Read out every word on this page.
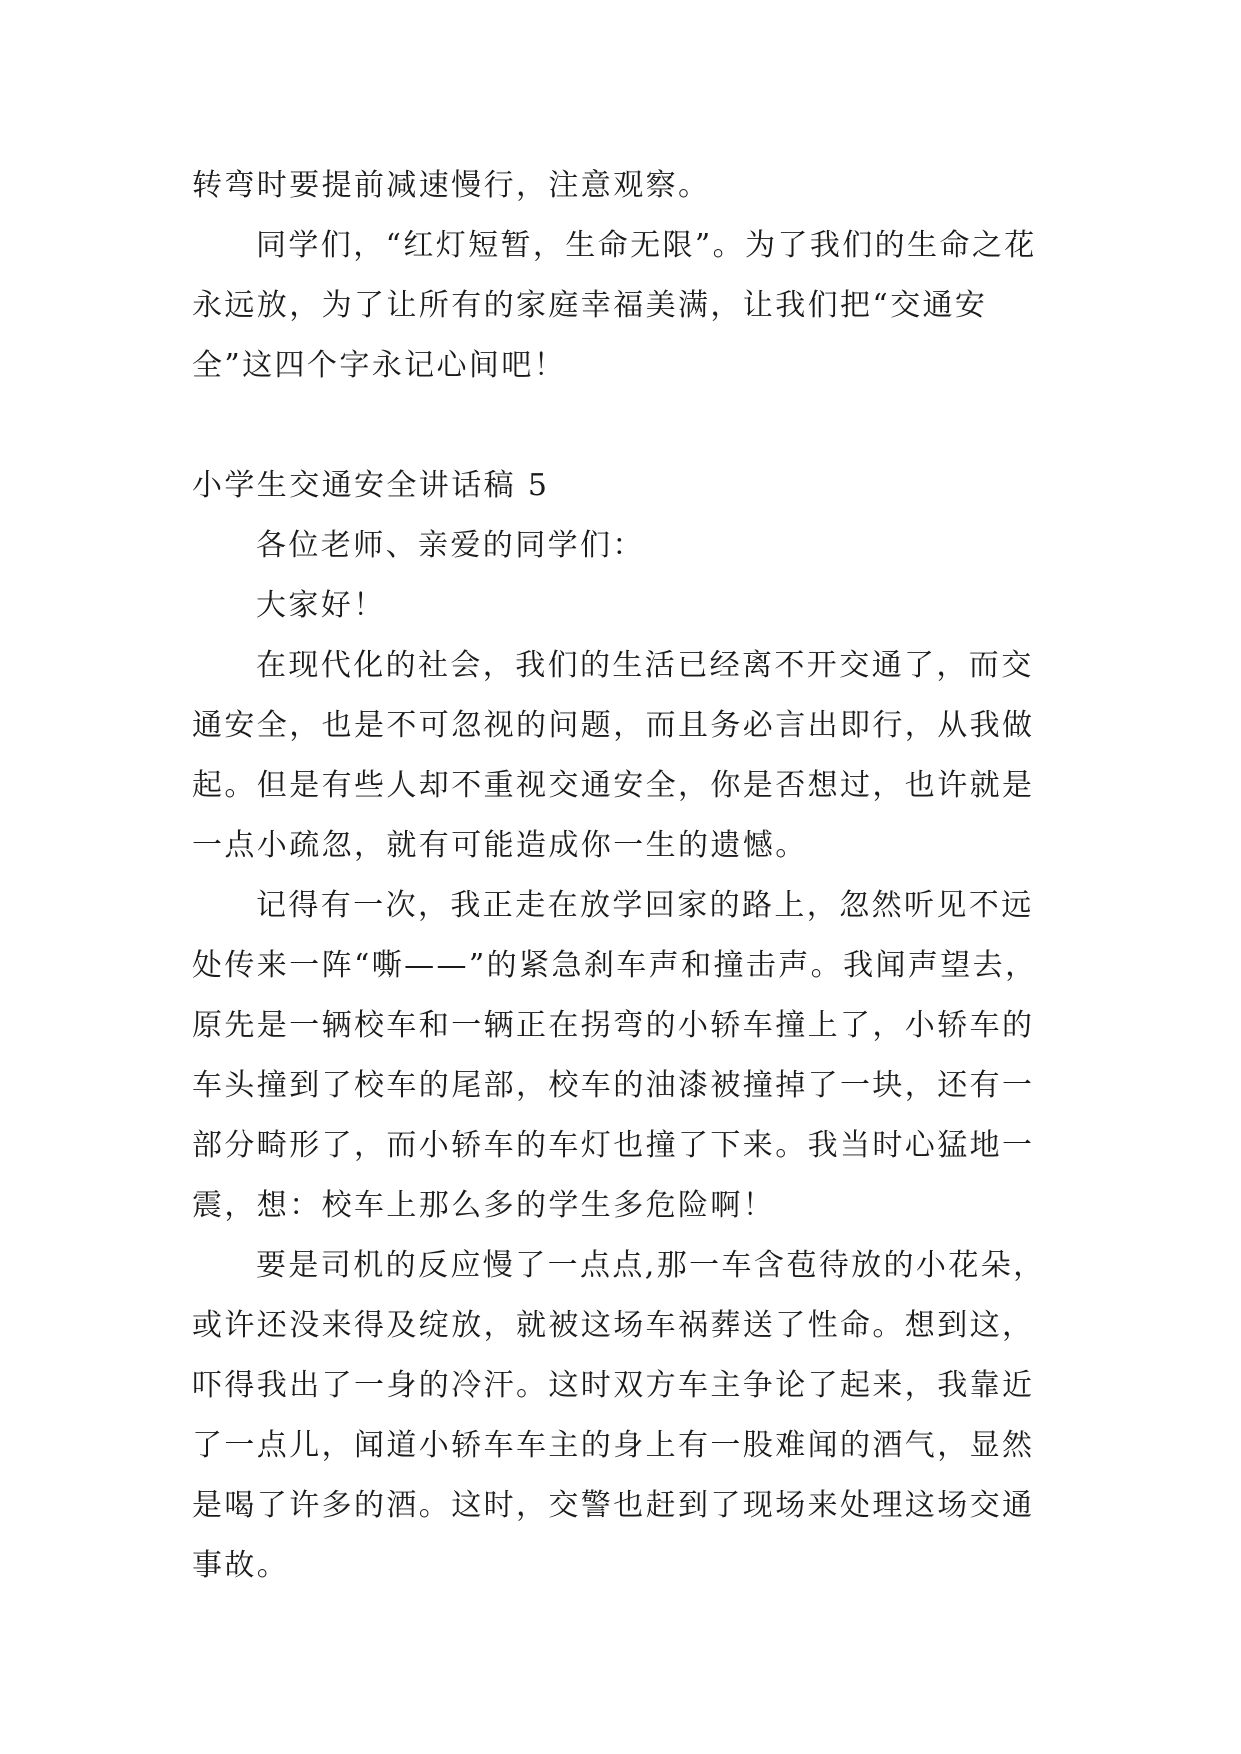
转弯时要提前减速慢行，注意观察。

同学们，“红灯短暂，生命无限”。为了我们的生命之花永远放，为了让所有的家庭幸福美满，让我们把“交通安全”这四个字永记心间吧！

小学生交通安全讲话稿 5

各位老师、亲爱的同学们：

大家好！

在现代化的社会，我们的生活已经离不开交通了，而交通安全，也是不可忽视的问题，而且务必言出即行，从我做起。但是有些人却不重视交通安全，你是否想过，也许就是一点小疏忽，就有可能造成你一生的遗憾。

记得有一次，我正走在放学回家的路上，忽然听见不远处传来一阵“嘶——”的紧急刹车声和撞击声。我闻声望去，原先是一辆校车和一辆正在拐弯的小轿车撞上了，小轿车的车头撞到了校车的尾部，校车的油漆被撞掉了一块，还有一部分畸形了，而小轿车的车灯也撞了下来。我当时心猛地一震，想：校车上那么多的学生多危险啊！

要是司机的反应慢了一点点,那一车含苞待放的小花朵，或许还没来得及绽放，就被这场车祸葬送了性命。想到这，吓得我出了一身的冷汗。这时双方车主争论了起来，我靠近了一点儿，闻道小轿车车主的身上有一股难闻的酒气，显然是喝了许多的酒。这时，交警也赶到了现场来处理这场交通事故。
